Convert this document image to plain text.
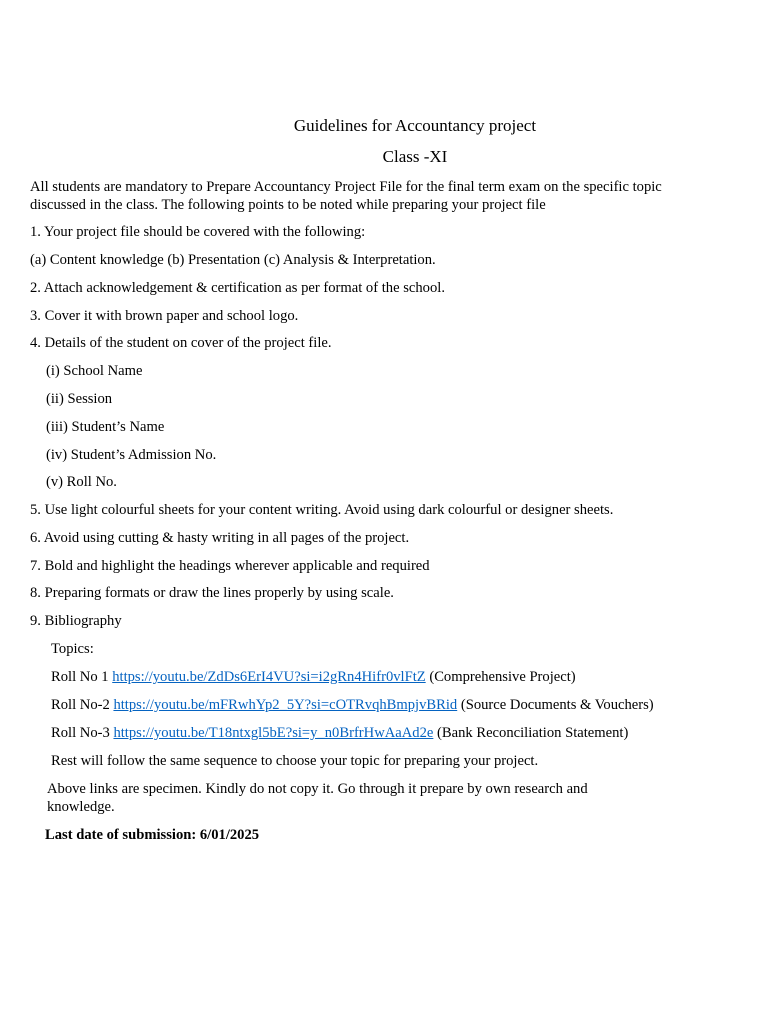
Guidelines for Accountancy project
Class -XI
All students are mandatory to Prepare Accountancy Project File for the final term exam on the specific topic discussed in the class. The following points to be noted while preparing your project file
1. Your project file should be covered with the following:
(a) Content knowledge (b) Presentation (c) Analysis & Interpretation.
2. Attach acknowledgement & certification as per format of the school.
3. Cover it with brown paper and school logo.
4. Details of the student on cover of the project file.
(i) School Name
(ii) Session
(iii) Student’s Name
(iv) Student’s Admission No.
(v) Roll No.
5. Use light colourful sheets for your content writing. Avoid using dark colourful or designer sheets.
6. Avoid using cutting & hasty writing in all pages of the project.
7. Bold and highlight the headings wherever applicable and required
8. Preparing formats or draw the lines properly by using scale.
9. Bibliography
Topics:
Roll No 1 https://youtu.be/ZdDs6ErI4VU?si=i2gRn4Hifr0vlFtZ (Comprehensive Project)
Roll No-2 https://youtu.be/mFRwhYp2_5Y?si=cOTRvqhBmpjvBRid (Source Documents & Vouchers)
Roll No-3 https://youtu.be/T18ntxgl5bE?si=y_n0BrfrHwAaAd2e (Bank Reconciliation Statement)
Rest will follow the same sequence to choose your topic for preparing your project.
Above links are specimen. Kindly do not copy it. Go through it prepare by own research and knowledge.
Last date of submission: 6/01/2025
